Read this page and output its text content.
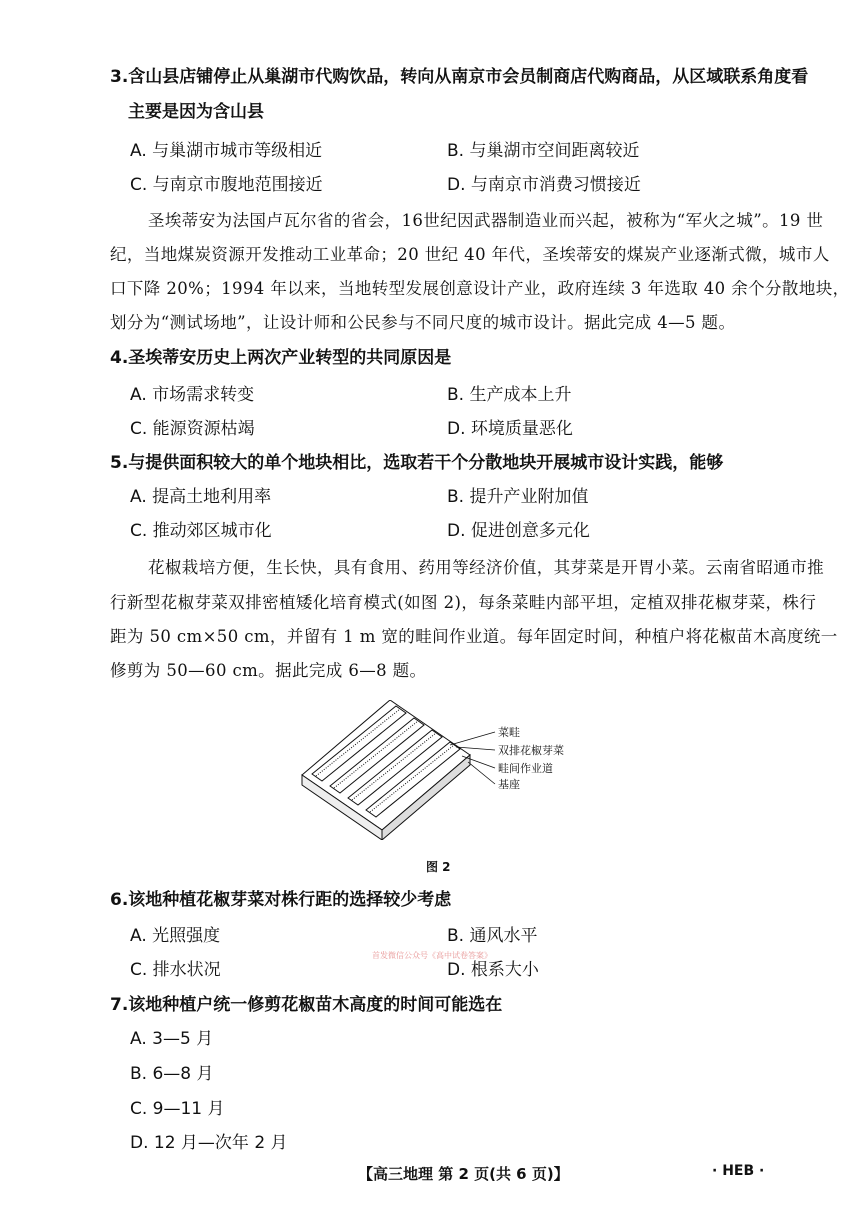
3.含山县店铺停止从巢湖市代购饮品，转向从南京市会员制商店代购商品，从区域联系角度看
主要是因为含山县
A. 与巢湖市城市等级相近	B. 与巢湖市空间距离较近
C. 与南京市腹地范围接近	D. 与南京市消费习惯接近
圣埃蒂安为法国卢瓦尔省的省会，16世纪因武器制造业而兴起，被称为“军火之城”。19 世
纪，当地煤炭资源开发推动工业革命；20 世纪 40 年代，圣埃蒂安的煤炭产业逐渐式微，城市人
口下降 20%；1994 年以来，当地转型发展创意设计产业，政府连续 3 年选取 40 余个分散地块，
划分为“测试场地”，让设计师和公民参与不同尺度的城市设计。据此完成 4—5 题。
4.圣埃蒂安历史上两次产业转型的共同原因是
A. 市场需求转变	B. 生产成本上升
C. 能源资源枯竭	D. 环境质量恶化
5.与提供面积较大的单个地块相比，选取若干个分散地块开展城市设计实践，能够
A. 提高土地利用率	B. 提升产业附加值
C. 推动郊区城市化	D. 促进创意多元化
花椒栽培方便，生长快，具有食用、药用等经济价值，其芽菜是开胃小菜。云南省昭通市推
行新型花椒芽菜双排密植矮化培育模式(如图 2)，每条菜畦内部平坦，定植双排花椒芽菜，株行
距为 50 cm×50 cm，并留有 1 m 宽的畦间作业道。每年固定时间，种植户将花椒苗木高度统一
修剪为 50—60 cm。据此完成 6—8 题。
菜畦
双排花椒芽菜
畦间作业道
基座
图 2
6.该地种植花椒芽菜对株行距的选择较少考虑
A. 光照强度	B. 通风水平
首发微信公众号《高中试卷答案》
C. 排水状况	D. 根系大小
7.该地种植户统一修剪花椒苗木高度的时间可能选在
A. 3—5 月
B. 6—8 月
C. 9—11 月
D. 12 月—次年 2 月
【高三地理 第 2 页(共 6 页)】	· HEB ·
